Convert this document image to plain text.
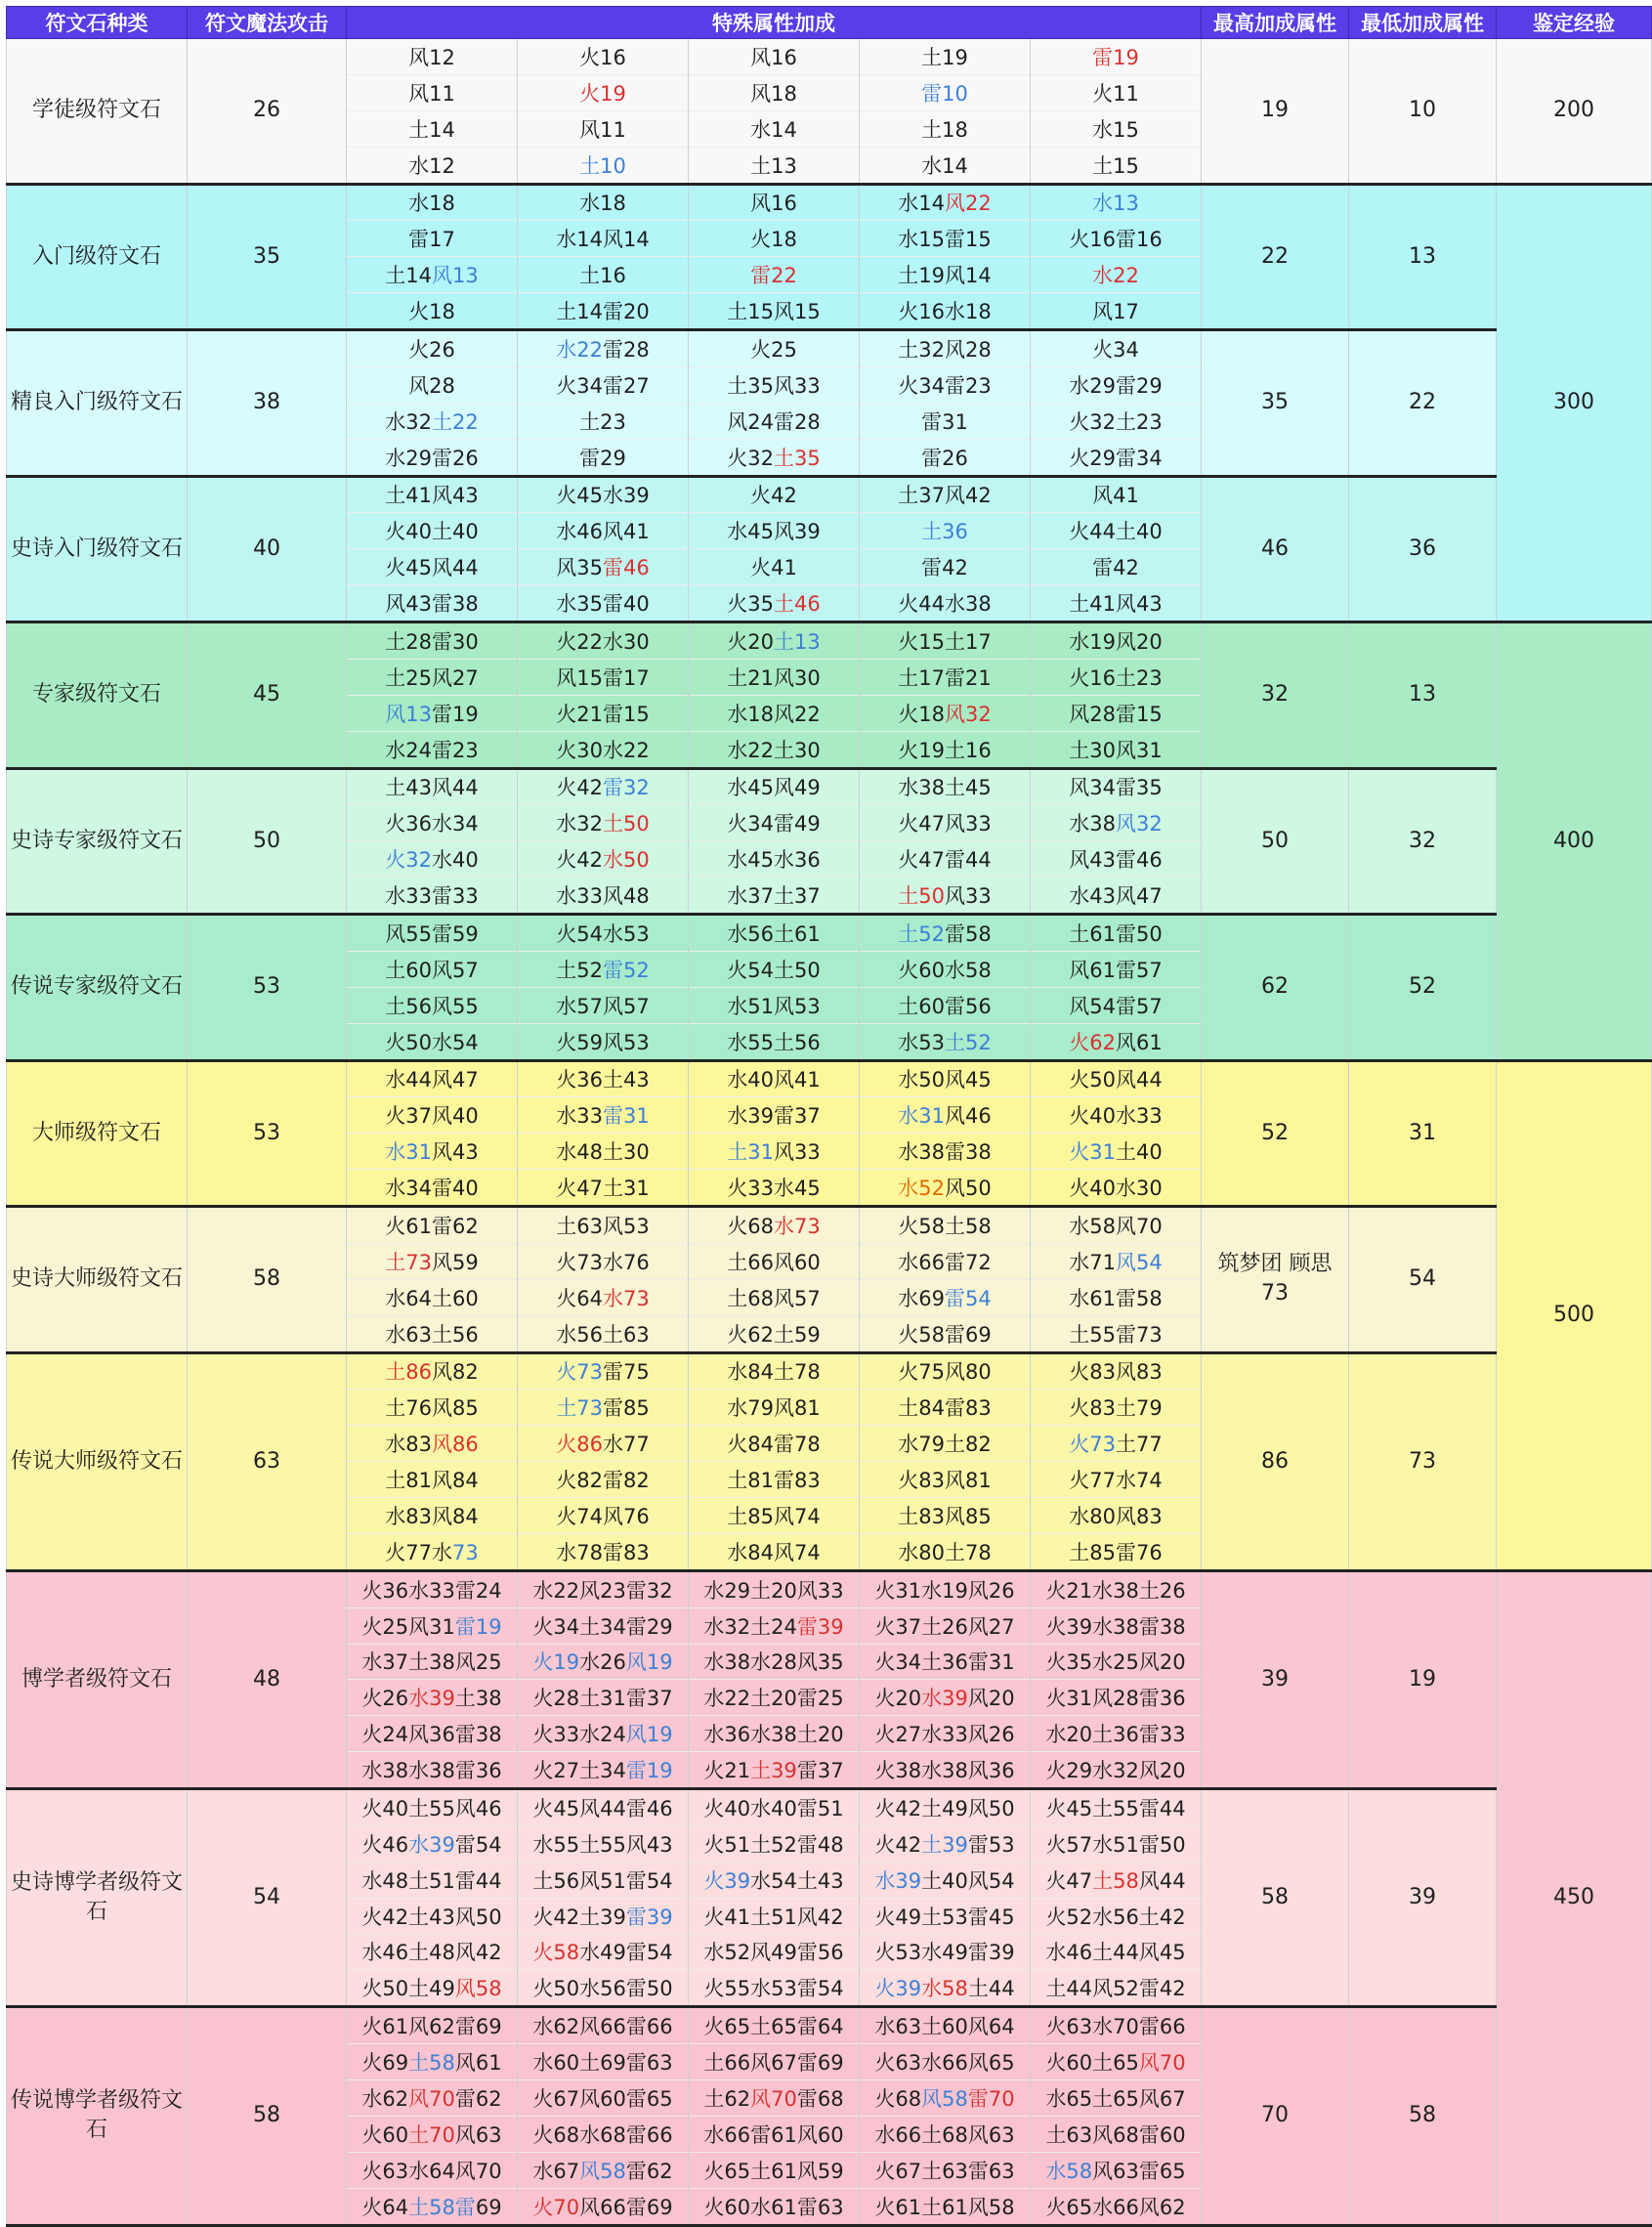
符文石种类	符文魔法攻击	特殊属性加成					最高加成属性	最低加成属性	鉴定经验
学徒级符文石	26	风12	火16	风16	土19	雷19	19	10	200
		风11	火19	风18	雷10	火11			
		土14	风11	水14	土18	水15			
		水12	土10	土13	水14	土15			
入门级符文石	35	水18	水18	风16	水14风22	水13	22	13	300
		雷17	水14风14	火18	水15雷15	火16雷16			
		土14风13	土16	雷22	土19风14	水22			
		火18	土14雷20	土15风15	火16水18	风17			
精良入门级符文石	38	火26	水22雷28	火25	土32风28	火34	35	22	
		风28	火34雷27	土35风33	火34雷23	水29雷29			
		水32土22	土23	风24雷28	雷31	火32土23			
		水29雷26	雷29	火32土35	雷26	火29雷34			
史诗入门级符文石	40	土41风43	火45水39	火42	土37风42	风41	46	36	
		火40土40	水46风41	水45风39	土36	火44土40			
		火45风44	风35雷46	火41	雷42	雷42			
		风43雷38	水35雷40	火35土46	火44水38	土41风43			
专家级符文石	45	土28雷30	火22水30	火20土13	火15土17	水19风20	32	13	400
		土25风27	风15雷17	土21风30	土17雷21	火16土23			
		风13雷19	火21雷15	水18风22	火18风32	风28雷15			
		水24雷23	火30水22	水22土30	火19土16	土30风31			
史诗专家级符文石	50	土43风44	火42雷32	水45风49	水38土45	风34雷35	50	32	
		火36水34	水32土50	火34雷49	火47风33	水38风32			
		火32水40	火42水50	水45水36	火47雷44	风43雷46			
		水33雷33	水33风48	水37土37	土50风33	水43风47			
传说专家级符文石	53	风55雷59	火54水53	水56土61	土52雷58	土61雷50	62	52	
		土60风57	土52雷52	火54土50	火60水58	风61雷57			
		土56风55	水57风57	水51风53	土60雷56	风54雷57			
		火50水54	火59风53	水55土56	水53土52	火62风61			
大师级符文石	53	水44风47	火36土43	水40风41	水50风45	火50风44	52	31	500
		火37风40	水33雷31	水39雷37	水31风46	火40水33			
		水31风43	水48土30	土31风33	水38雷38	火31土40			
		水34雷40	火47土31	火33水45	水52风50	火40水30			
史诗大师级符文石	58	火61雷62	土63风53	火68水73	火58土58	水58风70	筑梦团 顾思 73	54	
		土73风59	火73水76	土66风60	水66雷72	水71风54			
		水64土60	火64水73	土68风57	水69雷54	水61雷58			
		水63土56	水56土63	火62土59	火58雷69	土55雷73			
传说大师级符文石	63	土86风82	火73雷75	水84土78	火75风80	火83风83	86	73	
		土76风85	土73雷85	水79风81	土84雷83	火83土79			
		水83风86	火86水77	火84雷78	水79土82	火73土77			
		土81风84	火82雷82	土81雷83	火83风81	火77水74			
		水83风84	火74风76	土85风74	土83风85	水80风83			
		火77水73	水78雷83	水84风74	水80土78	土85雷76			
博学者级符文石	48	火36水33雷24	水22风23雷32	水29土20风33	火31水19风26	火21水38土26	39	19	450
		火25风31雷19	火34土34雷29	水32土24雷39	火37土26风27	火39水38雷38			
		水37土38风25	火19水26风19	水38水28风35	火34土36雷31	火35水25风20			
		火26水39土38	火28土31雷37	水22土20雷25	火20水39风20	火31风28雷36			
		火24风36雷38	火33水24风19	水36水38土20	火27水33风26	水20土36雷33			
		水38水38雷36	火27土34雷19	火21土39雷37	火38水38风36	火29水32风20			
史诗博学者级符文石	54	火40土55风46	火45风44雷46	火40水40雷51	火42土49风50	火45土55雷44	58	39	
		火46水39雷54	水55土55风43	火51土52雷48	火42土39雷53	火57水51雷50			
		水48土51雷44	土56风51雷54	火39水54土43	水39土40风54	火47土58风44			
		火42土43风50	火42土39雷39	火41土51风42	火49土53雷45	火52水56土42			
		水46土48风42	火58水49雷54	水52风49雷56	火53水49雷39	水46土44风45			
		火50土49风58	火50水56雷50	火55水53雷54	火39水58土44	土44风52雷42			
传说博学者级符文石	58	火61风62雷69	水62风66雷66	火65土65雷64	水63土60风64	火63水70雷66	70	58	
		火69土58风61	水60土69雷63	土66风67雷69	火63水66风65	火60土65风70			
		水62风70雷62	火67风60雷65	土62风70雷68	火68风58雷70	水65土65风67			
		火60土70风63	火68水68雷66	水66雷61风60	水66土68风63	土63风68雷60			
		火63水64风70	水67风58雷62	火65土61风59	火67土63雷63	水58风63雷65			
		火64土58雷69	火70风66雷69	火60水61雷63	火61土61风58	火65水66风62			
